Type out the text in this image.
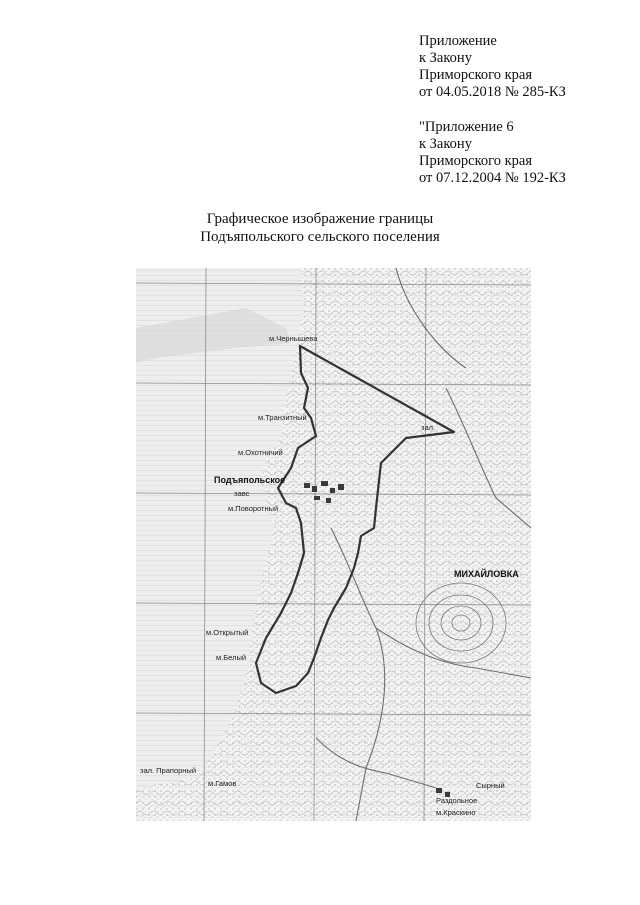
Приложение
к Закону
Приморского края
от 04.05.2018 № 285-КЗ
"Приложение 6
к Закону
Приморского края
от 07.12.2004 № 192-КЗ
Графическое изображение границы
Подъяпольского сельского поселения
м.Чернышева
м.Транзитный
м.Охотничий
Подъяпольское
завс
м.Поворотный
МИХАЙЛОВКА
м.Открытый
м.Белый
зал. Прапорный
м.Гамов
Раздольное
м.Краскино
зал.
Сырный
